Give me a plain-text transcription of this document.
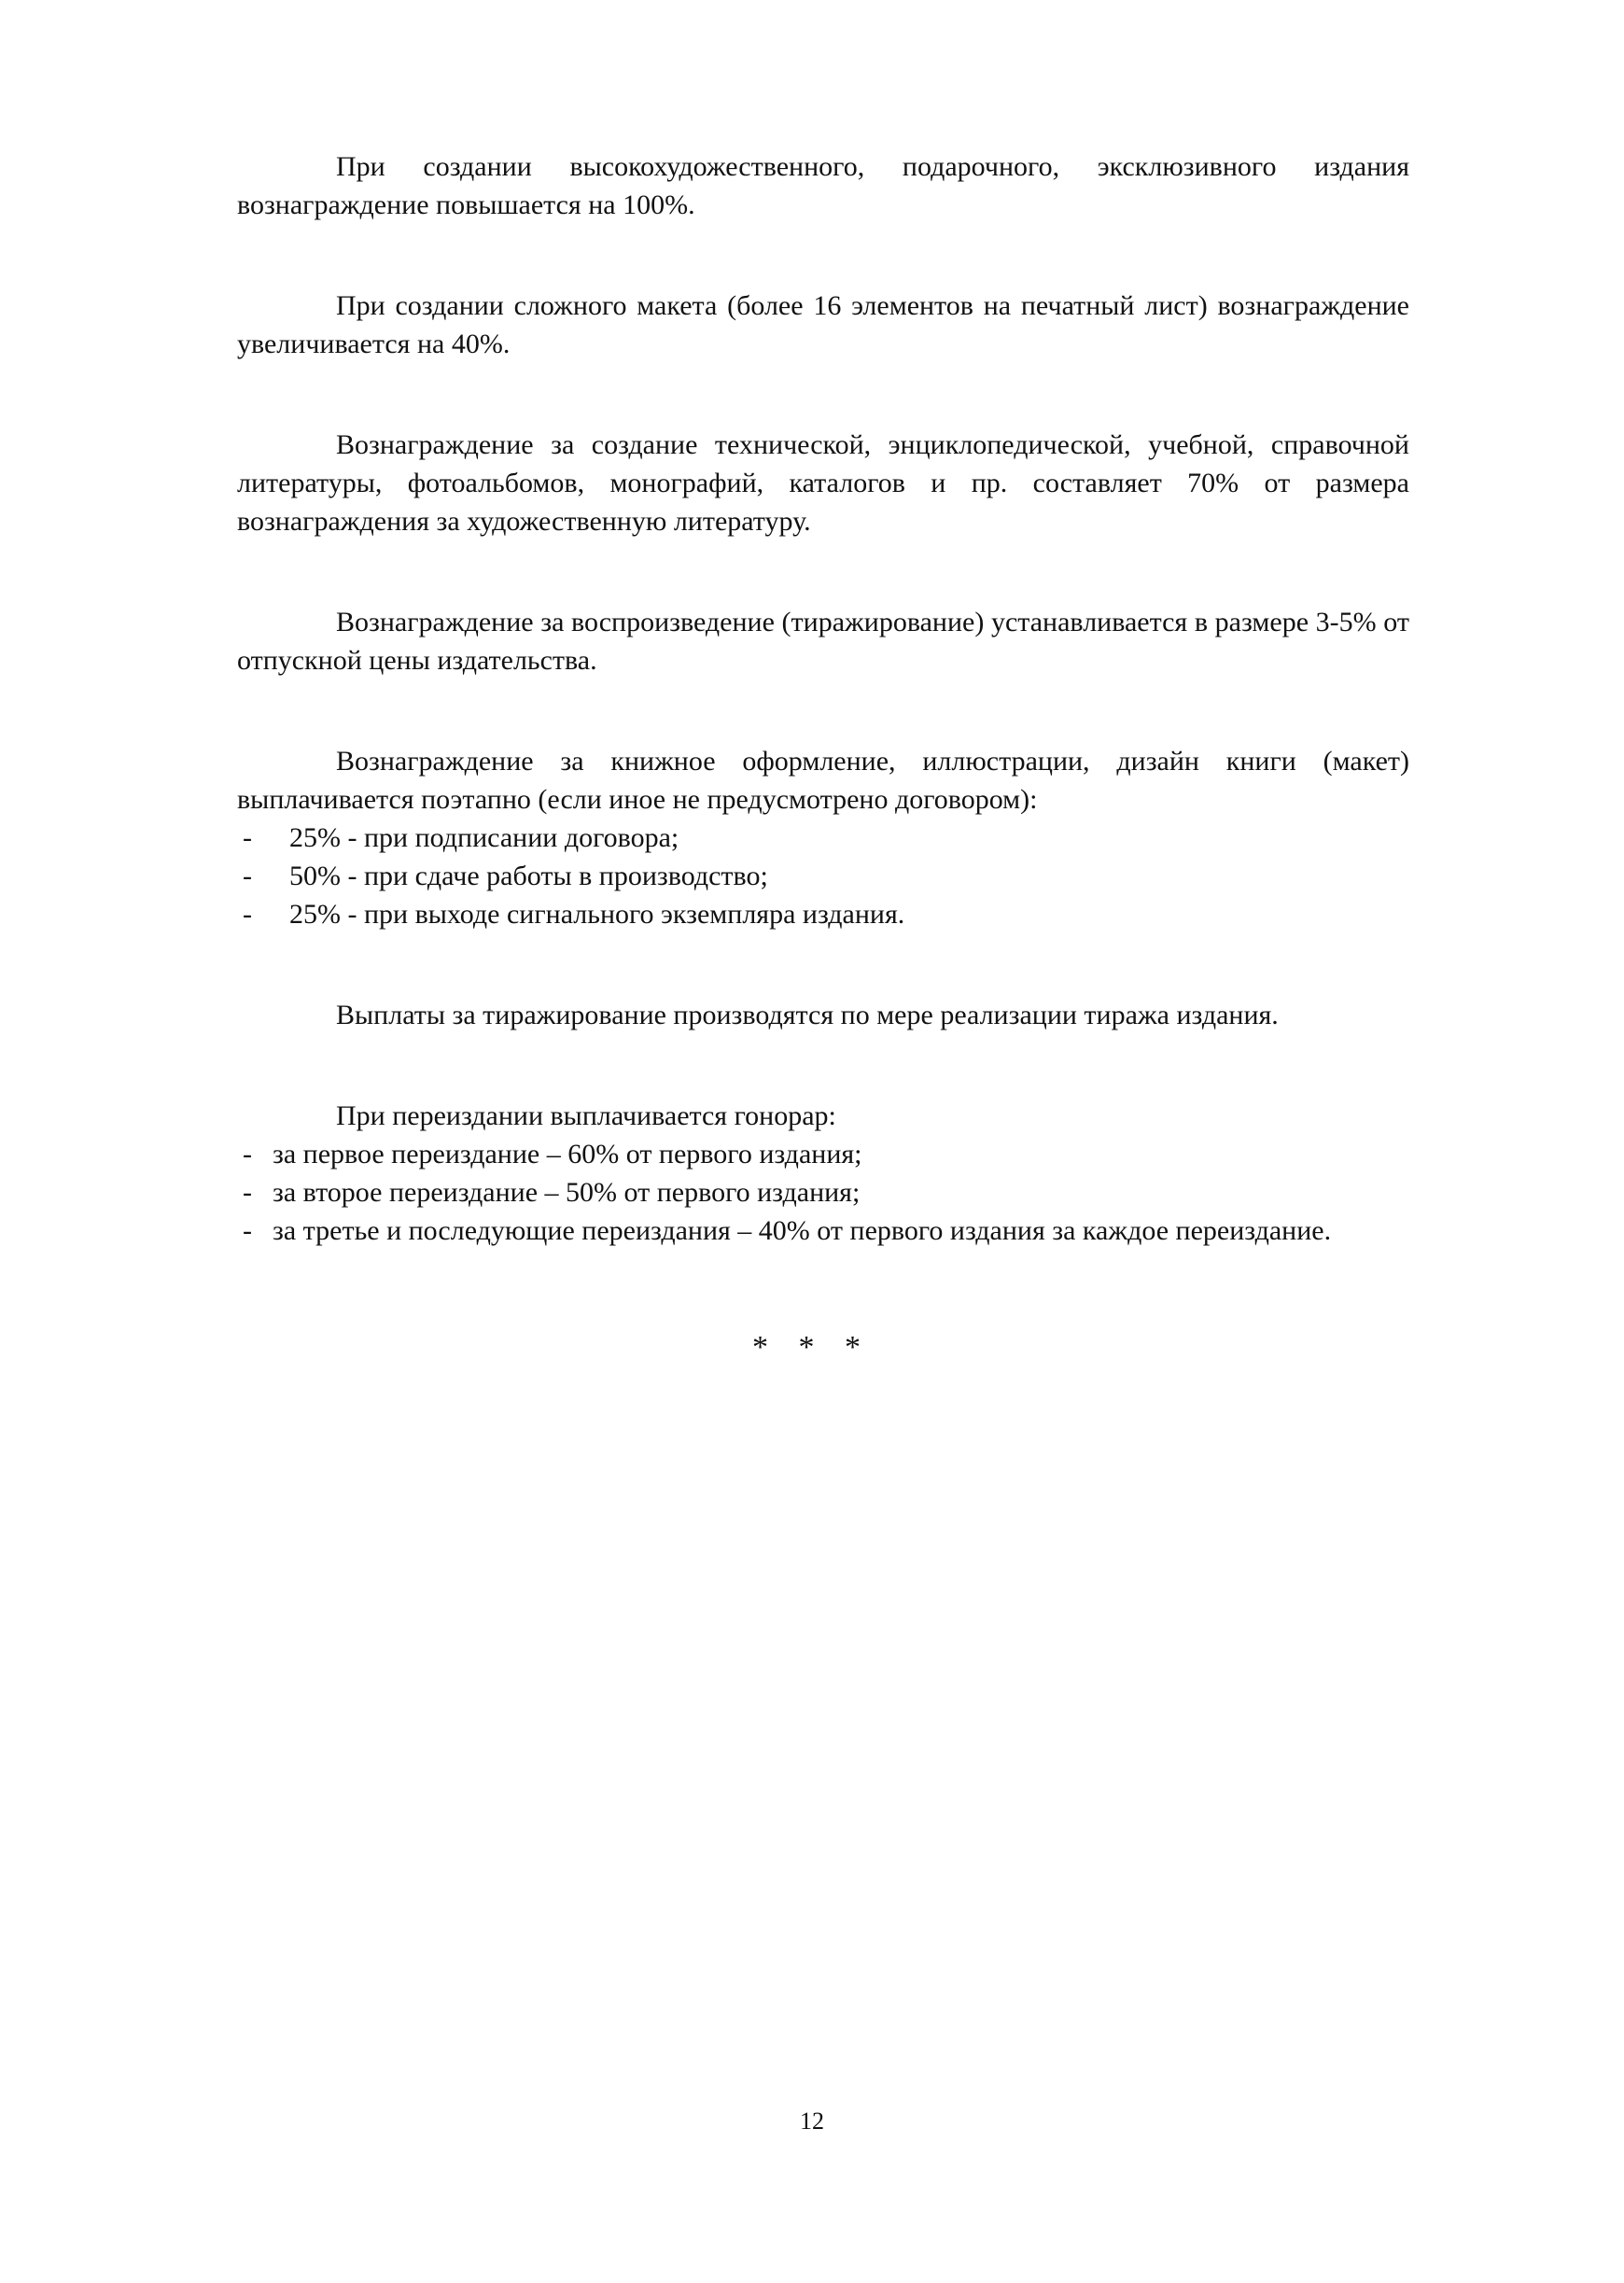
При создании высокохудожественного, подарочного, эксклюзивного издания вознаграждение повышается на 100%.

При создании сложного макета (более 16 элементов на печатный лист) вознаграждение увеличивается на 40%.

Вознаграждение за создание технической, энциклопедической, учебной, справочной литературы, фотоальбомов, монографий, каталогов и пр. составляет 70% от размера вознаграждения за художественную литературу.

Вознаграждение за воспроизведение (тиражирование) устанавливается в размере 3-5% от отпускной цены издательства.

Вознаграждение за книжное оформление, иллюстрации, дизайн книги (макет) выплачивается поэтапно (если иное не предусмотрено договором):

- 25% - при подписании договора;
- 50% - при сдаче работы в производство;
- 25% - при выходе сигнального экземпляра издания.

Выплаты за тиражирование производятся по мере реализации тиража издания.

При переиздании выплачивается гонорар:

- за первое переиздание – 60% от первого издания;
- за второе переиздание – 50% от первого издания;
- за третье и последующие переиздания – 40% от первого издания за каждое переиздание.
* * *
12
